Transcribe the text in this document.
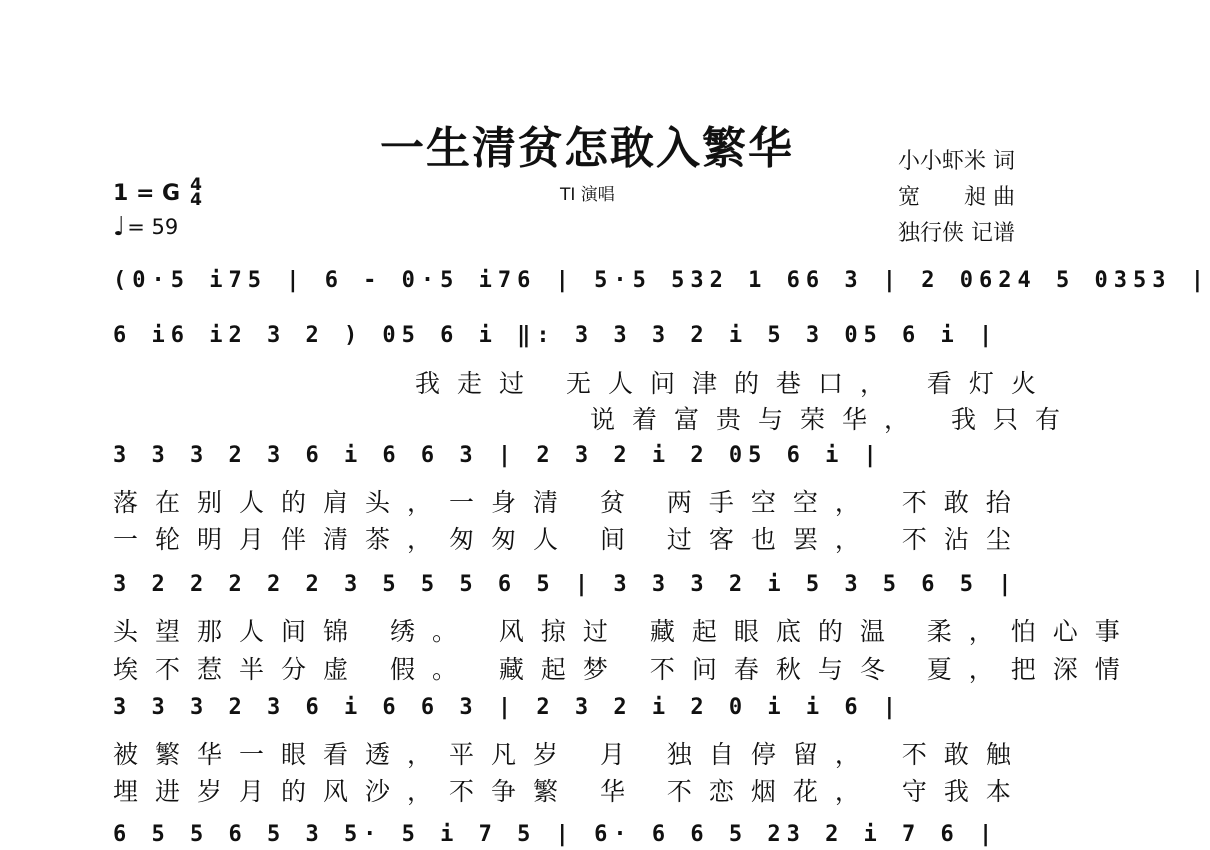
一生清贫怎敢入繁华
TI 演唱
小小虾米 词
宽　　昶 曲
独行侠 记谱
1 = G 4
4
♩ = 59
(0·5 i75 | 6 - 0·5 i76 | 5·5 532 1 66 3 | 2 0624 5 0353 |
6 i6 i2 3 2 ) 05 6 i ‖: 3 3 3 2 i 5 3 05 6 i |
我走过 无人问津的巷口， 看灯火
说着富贵与荣华， 我只有
3 3 3 2 3 6 i 6 6 3 | 2 3 2 i 2 05 6 i |
落在别人的肩头，一身清 贫 两手空空， 不敢抬
一轮明月伴清茶，匆匆人 间 过客也罢， 不沾尘
3 2 2 2 2 2 3 5 5 5 6 5 | 3 3 3 2 i 5 3 5 6 5 |
头望那人间锦 绣。 风掠过 藏起眼底的温 柔，怕心事
埃不惹半分虚 假。 藏起梦 不问春秋与冬 夏，把深情
3 3 3 2 3 6 i 6 6 3 | 2 3 2 i 2 0 i i 6 |
被繁华一眼看透，平凡岁 月 独自停留， 不敢触
埋进岁月的风沙，不争繁 华 不恋烟花， 守我本
6 5 5 6 5 3 5· 5 i 7 5 | 6· 6 6 5 23 2 i 7 6 |
